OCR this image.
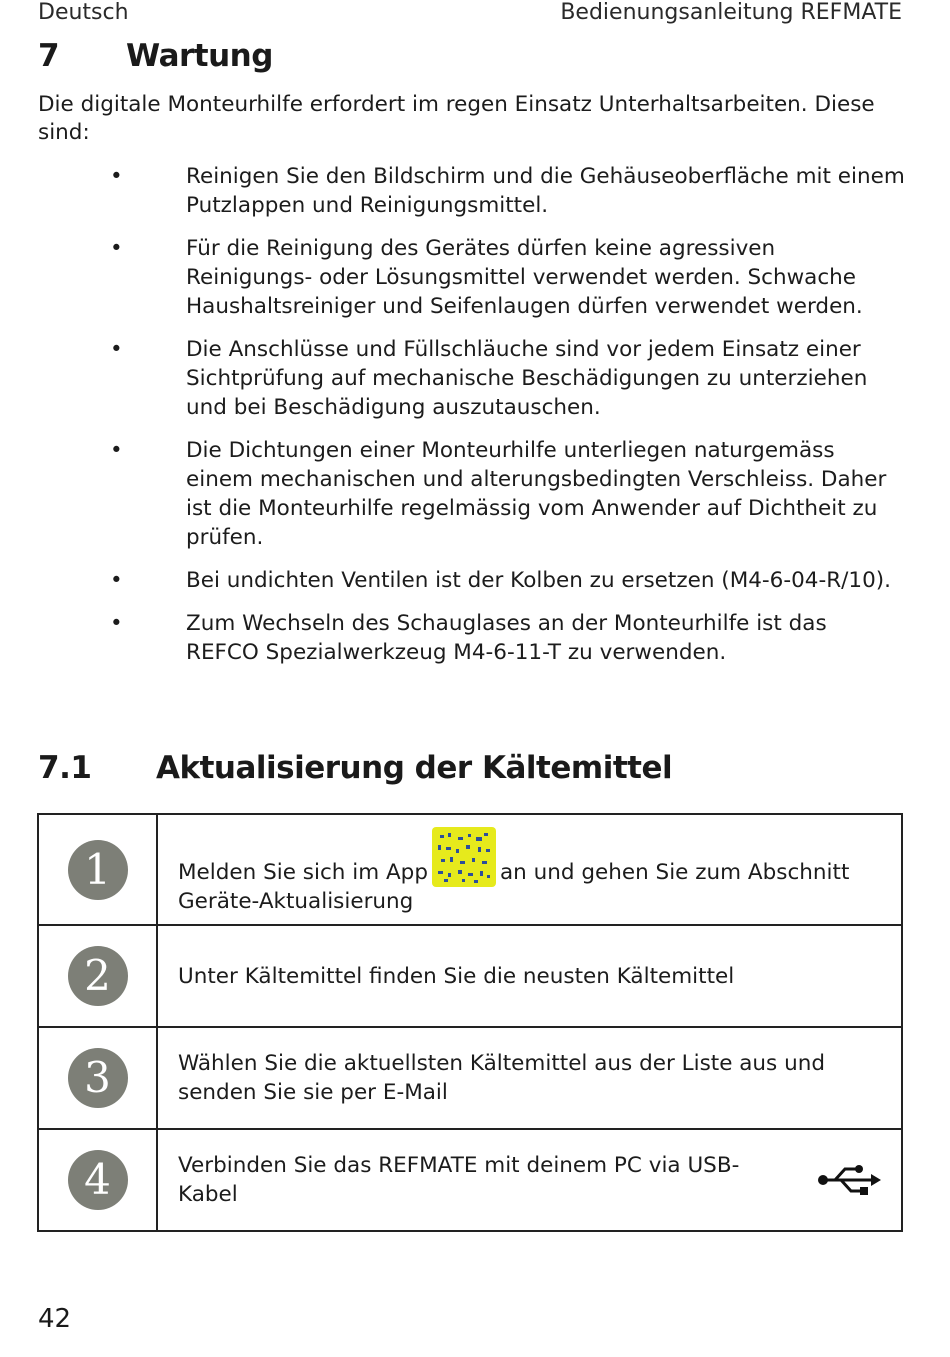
Deutsch	Bedienungsanleitung REFMATE
7 Wartung
Die digitale Monteurhilfe erfordert im regen Einsatz Unterhaltsarbeiten. Diese sind:
•	Reinigen Sie den Bildschirm und die Gehäuseoberfläche mit einem Putzlappen und Reinigungsmittel.
•	Für die Reinigung des Gerätes dürfen keine agressiven Reinigungs- oder Lösungsmittel verwendet werden. Schwache Haushaltsreiniger und Seifenlaugen dürfen verwendet werden.
•	Die Anschlüsse und Füllschläuche sind vor jedem Einsatz einer Sichtprüfung auf mechanische Beschädigungen zu unterziehen und bei Beschädigung auszutauschen.
•	Die Dichtungen einer Monteurhilfe unterliegen naturgemäss einem mechanischen und alterungsbedingten Verschleiss. Daher ist die Monteurhilfe regelmässig vom Anwender auf Dichtheit zu prüfen.
•	Bei undichten Ventilen ist der Kolben zu ersetzen (M4-6-04-R/10).
•	Zum Wechseln des Schauglases an der Monteurhilfe ist das REFCO Spezialwerkzeug M4-6-11-T zu verwenden.
7.1 Aktualisierung der Kältemittel
1	Melden Sie sich im App an und gehen Sie zum Abschnitt Geräte-Aktualisierung

2	Unter Kältemittel finden Sie die neusten Kältemittel
3	Wählen Sie die aktuellsten Kältemittel aus der Liste aus und senden Sie sie per E-Mail
4	Verbinden Sie das REFMATE mit deinem PC via USB-Kabel
42
